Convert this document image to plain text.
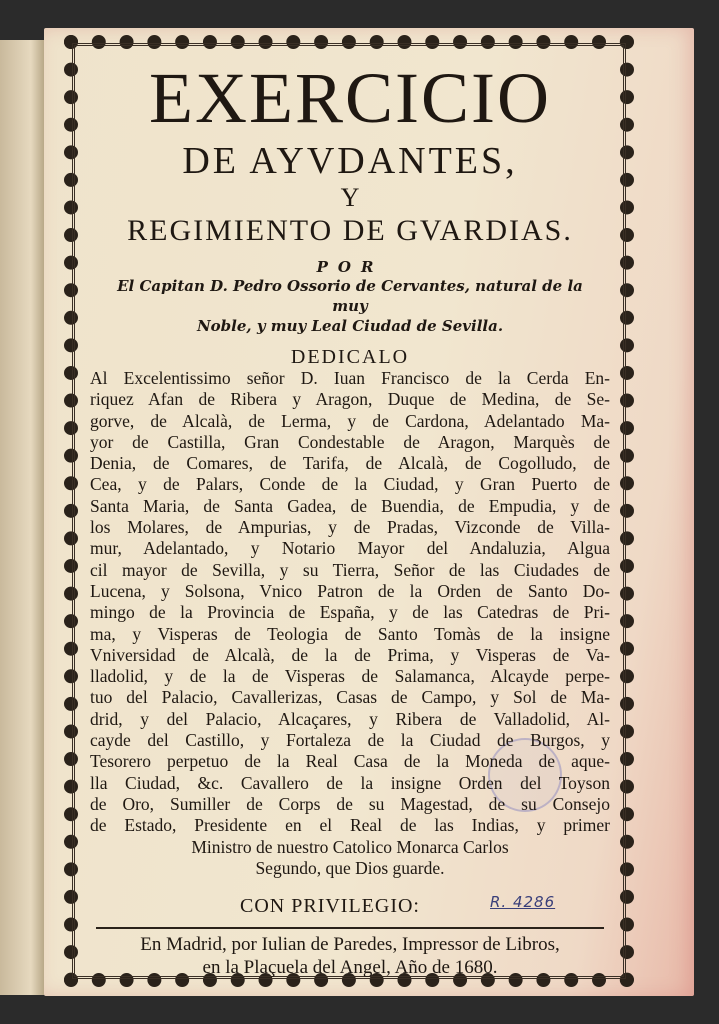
EXERCICIO
DE AYVDANTES,
Y
REGIMIENTO DE GVARDIAS.
POR
El Capitan D. Pedro Ossorio de Cervantes, natural de la muy
Noble, y muy Leal Ciudad de Sevilla.
DEDICALO
Al Excelentissimo señor D. Iuan Francisco de la Cerda En-
riquez Afan de Ribera y Aragon, Duque de Medina, de Se-
gorve, de Alcalà, de Lerma, y de Cardona, Adelantado Ma-
yor de Castilla, Gran Condestable de Aragon, Marquès de
Denia, de Comares, de Tarifa, de Alcalà, de Cogolludo, de
Cea, y de Palars, Conde de la Ciudad, y Gran Puerto de
Santa Maria, de Santa Gadea, de Buendia, de Empudia, y de
los Molares, de Ampurias, y de Pradas, Vizconde de Villa-
mur, Adelantado, y Notario Mayor del Andaluzia, Algua
cil mayor de Sevilla, y su Tierra, Señor de las Ciudades de
Lucena, y Solsona, Vnico Patron de la Orden de Santo Do-
mingo de la Provincia de España, y de las Catedras de Pri-
ma, y Visperas de Teologia de Santo Tomàs de la insigne
Vniversidad de Alcalà, de la de Prima, y Visperas de Va-
lladolid, y de la de Visperas de Salamanca, Alcayde perpe-
tuo del Palacio, Cavallerizas, Casas de Campo, y Sol de Ma-
drid, y del Palacio, Alcaçares, y Ribera de Valladolid, Al-
cayde del Castillo, y Fortaleza de la Ciudad de Burgos, y
Tesorero perpetuo de la Real Casa de la Moneda de aque-
lla Ciudad, &c. Cavallero de la insigne Orden del Toyson
de Oro, Sumiller de Corps de su Magestad, de su Consejo
de Estado, Presidente en el Real de las Indias, y primer
Ministro de nuestro Catolico Monarca Carlos
Segundo, que Dios guarde.
CON PRIVILEGIO:	R. 4286

En Madrid, por Iulian de Paredes, Impressor de Libros,

en la Plaçuela del Angel, Año de 1680.
